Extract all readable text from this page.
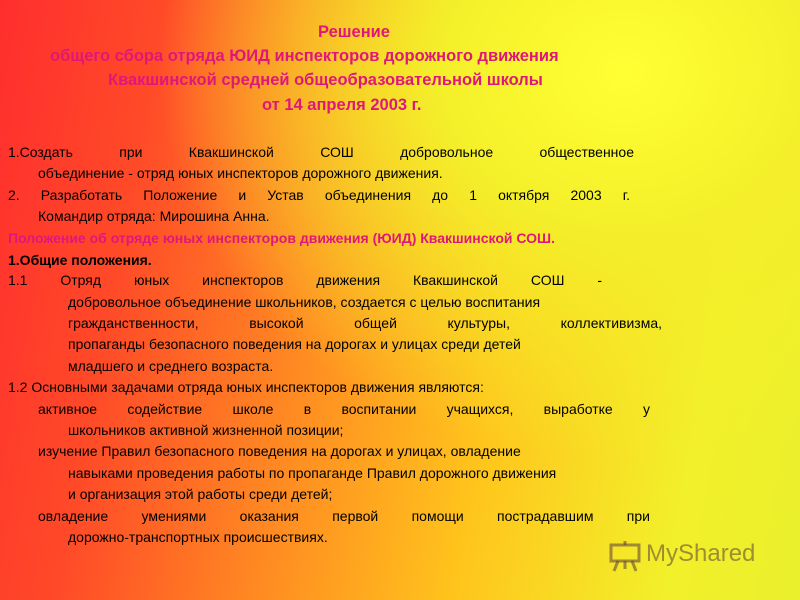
Решение
общего сбора отряда ЮИД инспекторов дорожного движения
Квакшинской средней общеобразовательной школы
от 14 апреля 2003 г.
1.Создать при Квакшинской СОШ добровольное общественное
объединение - отряд юных инспекторов дорожного движения.
2. Разработать Положение и Устав объединения до 1 октября 2003 г.
Командир отряда: Мирошина Анна.
Положение об отряде юных инспекторов движения (ЮИД) Квакшинской СОШ.
1.Общие положения.
1.1 Отряд юных инспекторов движения Квакшинской СОШ -
добровольное объединение школьников, создается с целью воспитания
гражданственности, высокой общей культуры, коллективизма,
пропаганды безопасного поведения на дорогах и улицах среди детей
младшего и среднего возраста.
1.2 Основными задачами отряда юных инспекторов движения являются:
активное содействие школе в воспитании учащихся, выработке у
школьников активной жизненной позиции;
изучение Правил безопасного поведения на дорогах и улицах, овладение
навыками проведения работы по пропаганде Правил дорожного движения
и организация этой работы среди детей;
овладение умениями оказания первой помощи пострадавшим при
дорожно-транспортных происшествиях.
MyShared
